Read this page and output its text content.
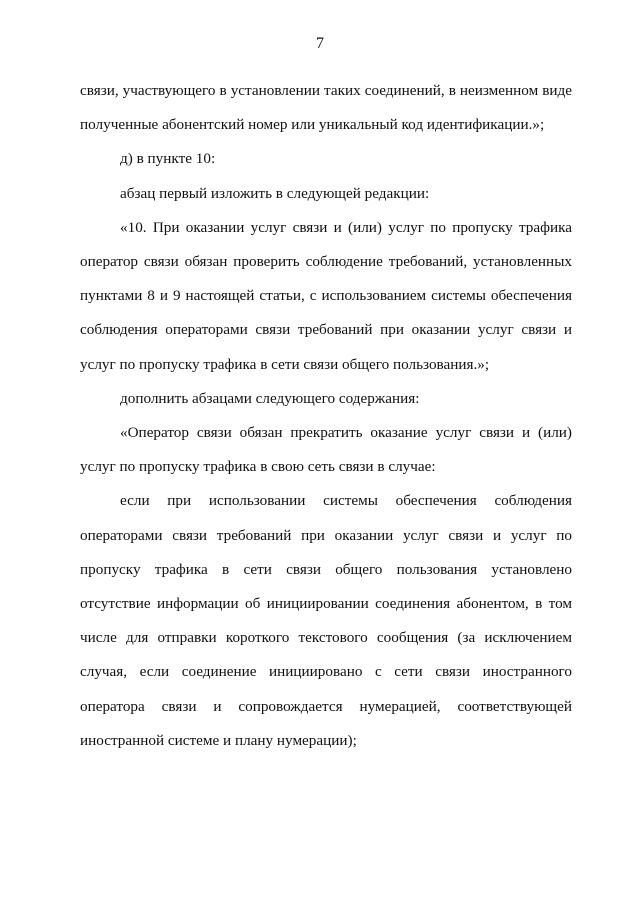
7

связи, участвующего в установлении таких соединений, в неизменном виде полученные абонентский номер или уникальный код идентификации.»;

д) в пункте 10:

абзац первый изложить в следующей редакции:

«10. При оказании услуг связи и (или) услуг по пропуску трафика оператор связи обязан проверить соблюдение требований, установленных пунктами 8 и 9 настоящей статьи, с использованием системы обеспечения соблюдения операторами связи требований при оказании услуг связи и услуг по пропуску трафика в сети связи общего пользования.»;

дополнить абзацами следующего содержания:

«Оператор связи обязан прекратить оказание услуг связи и (или) услуг по пропуску трафика в свою сеть связи в случае:

если при использовании системы обеспечения соблюдения операторами связи требований при оказании услуг связи и услуг по пропуску трафика в сети связи общего пользования установлено отсутствие информации об инициировании соединения абонентом, в том числе для отправки короткого текстового сообщения (за исключением случая, если соединение инициировано с сети связи иностранного оператора связи и сопровождается нумерацией, соответствующей иностранной системе и плану нумерации);
